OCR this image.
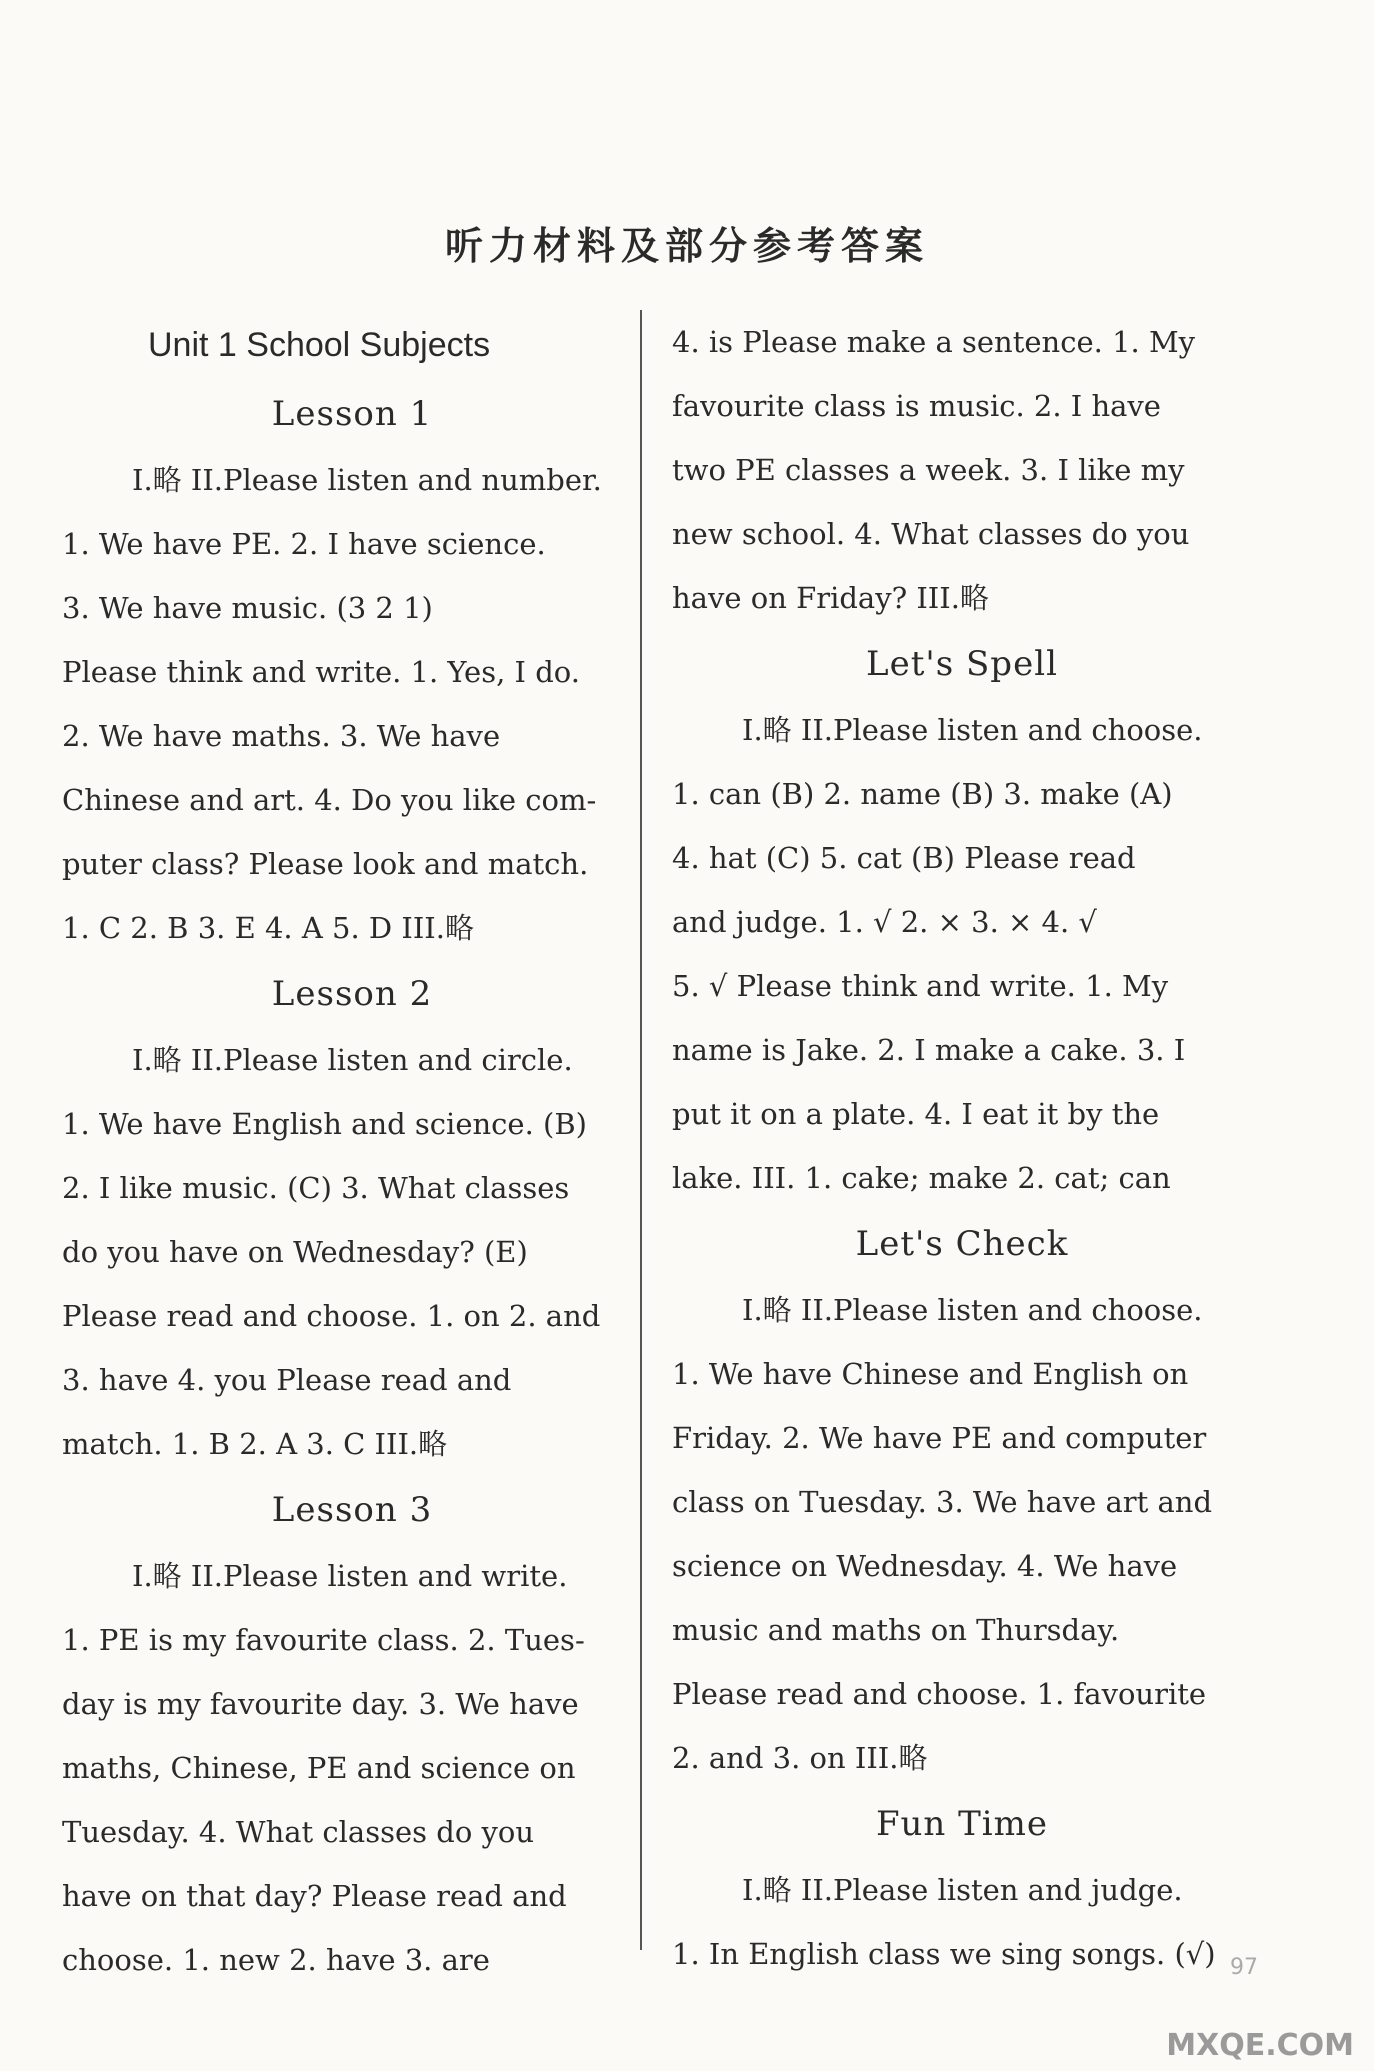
听力材料及部分参考答案
Unit 1 School Subjects
Lesson 1

I.略 II.Please listen and number.

1. We have PE. 2. I have science.

3. We have music. (3 2 1)

Please think and write. 1. Yes, I do.

2. We have maths. 3. We have

Chinese and art. 4. Do you like com-

puter class? Please look and match.

1. C 2. B 3. E 4. A 5. D III.略

Lesson 2

I.略 II.Please listen and circle.

1. We have English and science. (B)

2. I like music. (C) 3. What classes

do you have on Wednesday? (E)

Please read and choose. 1. on 2. and

3. have 4. you Please read and

match. 1. B 2. A 3. C III.略

Lesson 3

I.略 II.Please listen and write.

1. PE is my favourite class. 2. Tues-

day is my favourite day. 3. We have

maths, Chinese, PE and science on

Tuesday. 4. What classes do you

have on that day? Please read and

choose. 1. new 2. have 3. are

4. is Please make a sentence. 1. My

favourite class is music. 2. I have

two PE classes a week. 3. I like my

new school. 4. What classes do you

have on Friday? III.略

Let's Spell

I.略 II.Please listen and choose.

1. can (B) 2. name (B) 3. make (A)

4. hat (C) 5. cat (B) Please read

and judge. 1. √ 2. × 3. × 4. √

5. √ Please think and write. 1. My

name is Jake. 2. I make a cake. 3. I

put it on a plate. 4. I eat it by the

lake. III. 1. cake; make 2. cat; can

Let's Check

I.略 II.Please listen and choose.

1. We have Chinese and English on

Friday. 2. We have PE and computer

class on Tuesday. 3. We have art and

science on Wednesday. 4. We have

music and maths on Thursday.

Please read and choose. 1. favourite

2. and 3. on III.略

Fun Time

I.略 II.Please listen and judge.

1. In English class we sing songs. (√) 97
MXQE.COM
